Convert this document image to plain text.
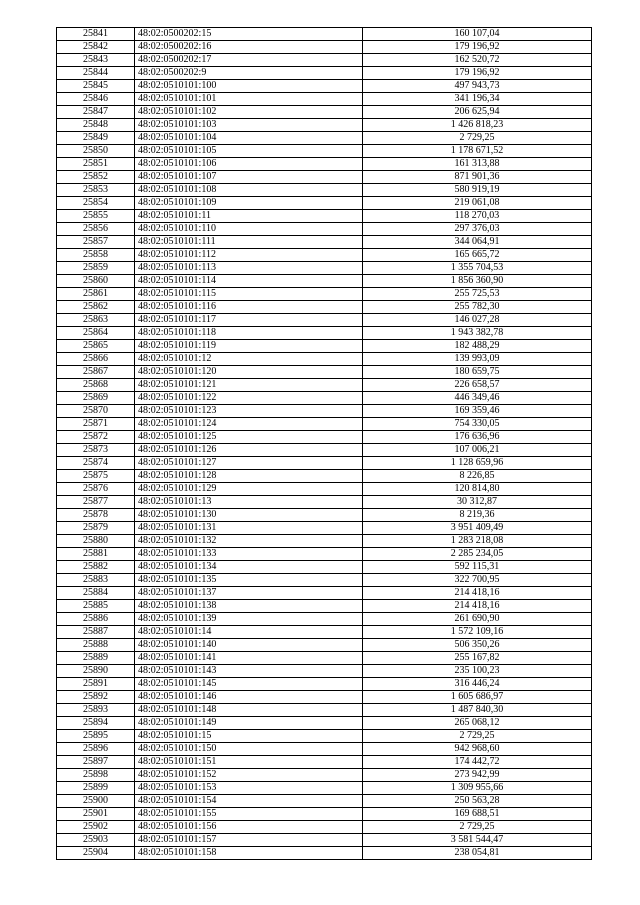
25841	48:02:0500202:15	160 107,04
25842	48:02:0500202:16	179 196,92
25843	48:02:0500202:17	162 520,72
25844	48:02:0500202:9	179 196,92
25845	48:02:0510101:100	497 943,73
25846	48:02:0510101:101	341 196,34
25847	48:02:0510101:102	206 625,94
25848	48:02:0510101:103	1 426 818,23
25849	48:02:0510101:104	2 729,25
25850	48:02:0510101:105	1 178 671,52
25851	48:02:0510101:106	161 313,88
25852	48:02:0510101:107	871 901,36
25853	48:02:0510101:108	580 919,19
25854	48:02:0510101:109	219 061,08
25855	48:02:0510101:11	118 270,03
25856	48:02:0510101:110	297 376,03
25857	48:02:0510101:111	344 064,91
25858	48:02:0510101:112	165 665,72
25859	48:02:0510101:113	1 355 704,53
25860	48:02:0510101:114	1 856 360,90
25861	48:02:0510101:115	255 725,53
25862	48:02:0510101:116	255 782,30
25863	48:02:0510101:117	146 027,28
25864	48:02:0510101:118	1 943 382,78
25865	48:02:0510101:119	182 488,29
25866	48:02:0510101:12	139 993,09
25867	48:02:0510101:120	180 659,75
25868	48:02:0510101:121	226 658,57
25869	48:02:0510101:122	446 349,46
25870	48:02:0510101:123	169 359,46
25871	48:02:0510101:124	754 330,05
25872	48:02:0510101:125	176 636,96
25873	48:02:0510101:126	107 006,21
25874	48:02:0510101:127	1 128 659,96
25875	48:02:0510101:128	8 226,85
25876	48:02:0510101:129	120 814,80
25877	48:02:0510101:13	30 312,87
25878	48:02:0510101:130	8 219,36
25879	48:02:0510101:131	3 951 409,49
25880	48:02:0510101:132	1 283 218,08
25881	48:02:0510101:133	2 285 234,05
25882	48:02:0510101:134	592 115,31
25883	48:02:0510101:135	322 700,95
25884	48:02:0510101:137	214 418,16
25885	48:02:0510101:138	214 418,16
25886	48:02:0510101:139	261 690,90
25887	48:02:0510101:14	1 572 109,16
25888	48:02:0510101:140	506 350,26
25889	48:02:0510101:141	255 167,82
25890	48:02:0510101:143	235 100,23
25891	48:02:0510101:145	316 446,24
25892	48:02:0510101:146	1 605 686,97
25893	48:02:0510101:148	1 487 840,30
25894	48:02:0510101:149	265 068,12
25895	48:02:0510101:15	2 729,25
25896	48:02:0510101:150	942 968,60
25897	48:02:0510101:151	174 442,72
25898	48:02:0510101:152	273 942,99
25899	48:02:0510101:153	1 309 955,66
25900	48:02:0510101:154	250 563,28
25901	48:02:0510101:155	169 688,51
25902	48:02:0510101:156	2 729,25
25903	48:02:0510101:157	3 581 544,47
25904	48:02:0510101:158	238 054,81
